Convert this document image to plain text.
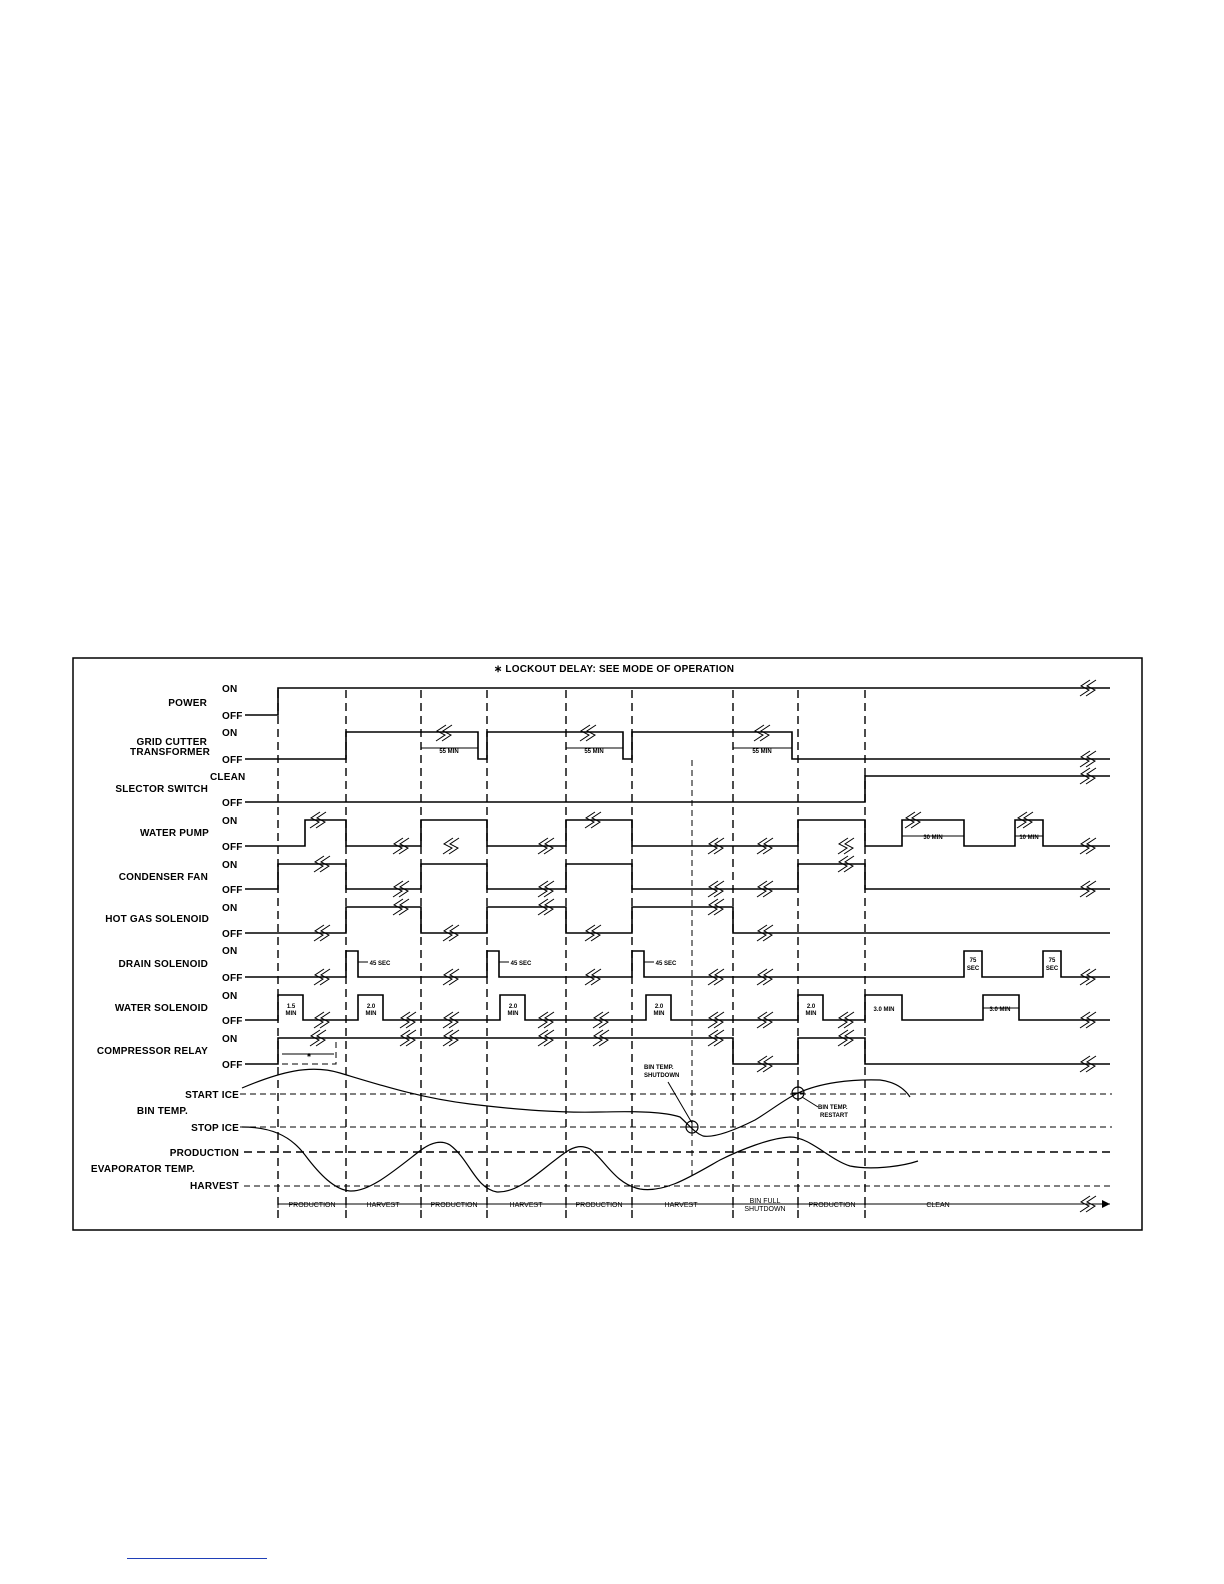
∗ LOCKOUT DELAY: SEE MODE OF OPERATION
POWER
GRID CUTTER
TRANSFORMER
SLECTOR SWITCH
WATER PUMP
CONDENSER FAN
HOT GAS SOLENOID
DRAIN SOLENOID
WATER SOLENOID
COMPRESSOR RELAY
START ICE
BIN TEMP.
STOP ICE
PRODUCTION
EVAPORATOR TEMP.
HARVEST
ON
OFF
ON
OFF
CLEAN
OFF
ON
OFF
ON
OFF
ON
OFF
ON
OFF
ON
OFF
ON
OFF
∗
55 MIN	55 MIN	55 MIN
45 SEC	45 SEC	45 SEC	75
SEC
75
SEC
30 MIN	10 MIN
1.5
MIN
2.0
MIN
2.0
MIN
2.0
MIN
2.0
MIN
3.0 MIN	3.0 MIN
BIN TEMP.
SHUTDOWN
BIN TEMP.
RESTART
PRODUCTION	HARVEST	PRODUCTION	HARVEST	PRODUCTION	HARVEST
BIN FULL
SHUTDOWN
PRODUCTION	CLEAN
